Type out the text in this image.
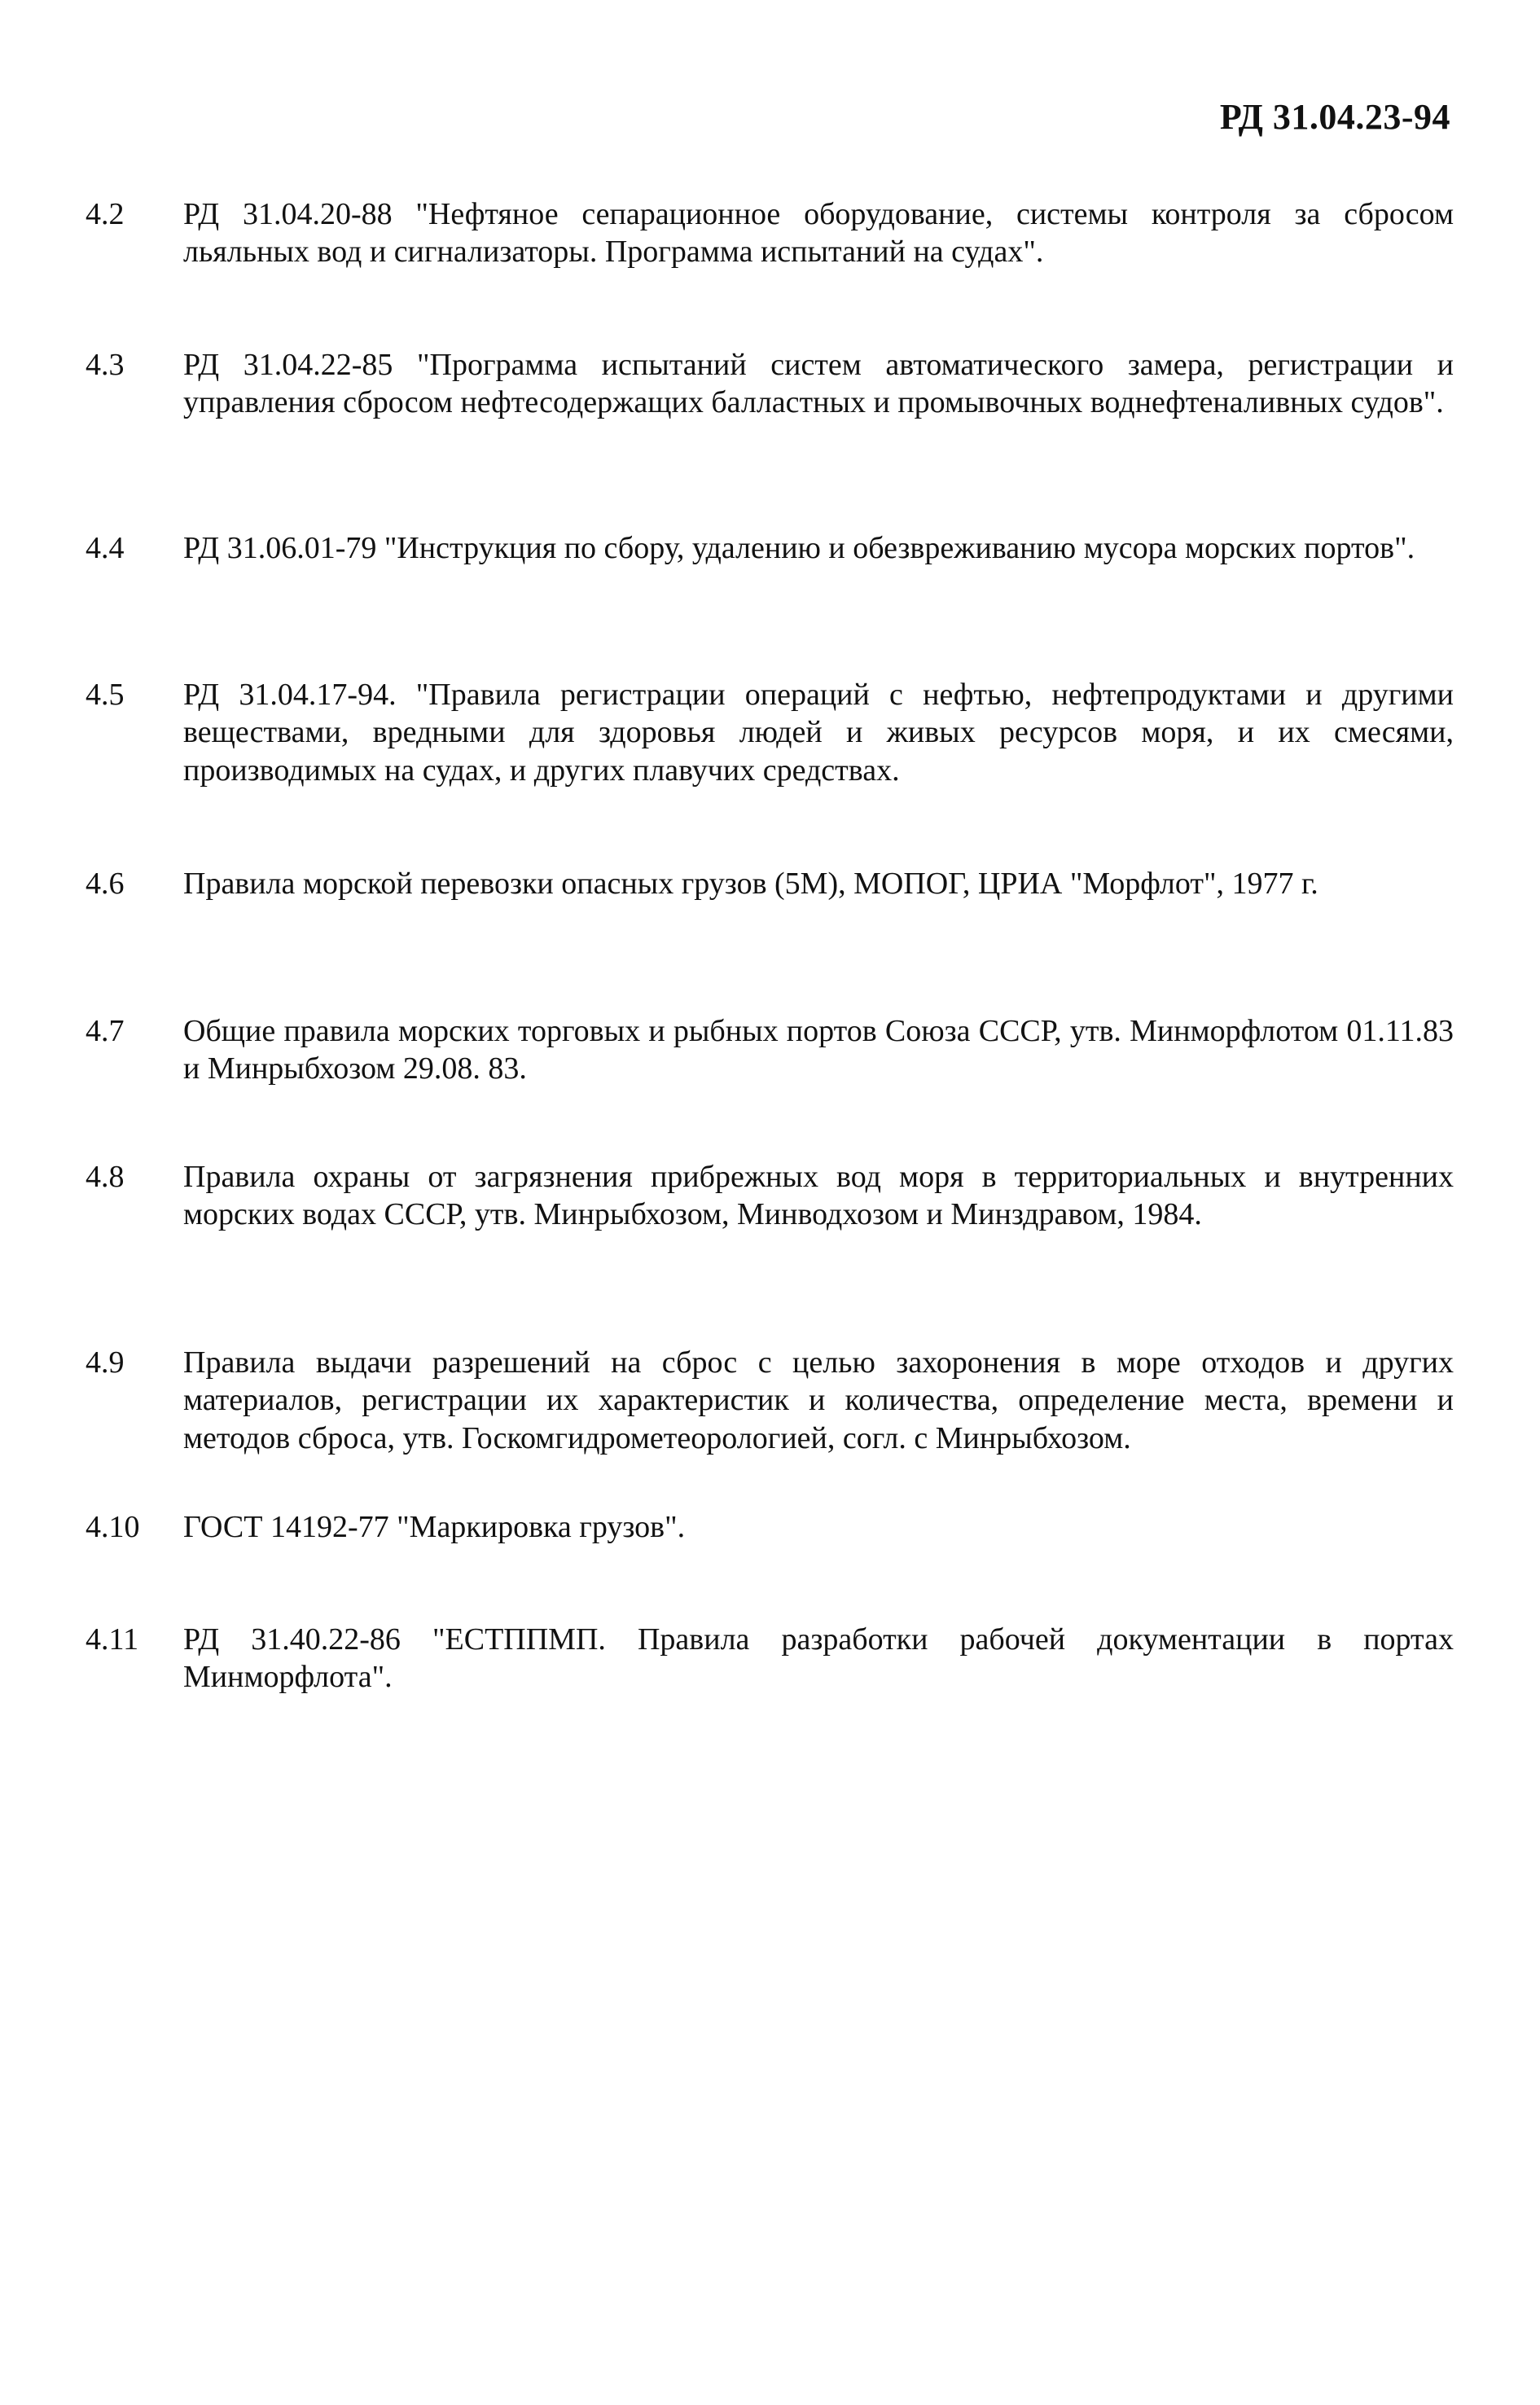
РД 31.04.23-94
4.2	РД 31.04.20-88 "Нефтяное сепарационное оборудование, системы контроля за сбросом льяльных вод и сигнализаторы. Программа испытаний на судах".
4.3	РД 31.04.22-85 "Программа испытаний систем автоматического замера, регистрации и управления сбросом нефтесодержащих балластных и промывочных воднефтеналивных судов".
4.4	РД 31.06.01-79 "Инструкция по сбору, удалению и обезвреживанию мусора морских портов".
4.5	РД 31.04.17-94. "Правила регистрации операций с нефтью, нефтепродуктами и другими веществами, вредными для здоровья людей и живых ресурсов моря, и их смесями, производимых на судах, и других плавучих средствах.
4.6	Правила морской перевозки опасных грузов (5М), МОПОГ, ЦРИА "Морфлот", 1977 г.
4.7	Общие правила морских торговых и рыбных портов Союза СССР, утв. Минморфлотом 01.11.83 и Минрыбхозом 29.08. 83.
4.8	Правила охраны от загрязнения прибрежных вод моря в территориальных и внутренних морских водах СССР, утв. Минрыбхозом, Минводхозом и Минздравом, 1984.
4.9	Правила выдачи разрешений на сброс с целью захоронения в море отходов и других материалов, регистрации их характеристик и количества, определение места, времени и методов сброса, утв. Госкомгидрометеорологией, согл. с Минрыбхозом.
4.10	ГОСТ 14192-77 "Маркировка грузов".
4.11	РД 31.40.22-86 "ЕСТППМП. Правила разработки рабочей документации в портах Минморфлота".
